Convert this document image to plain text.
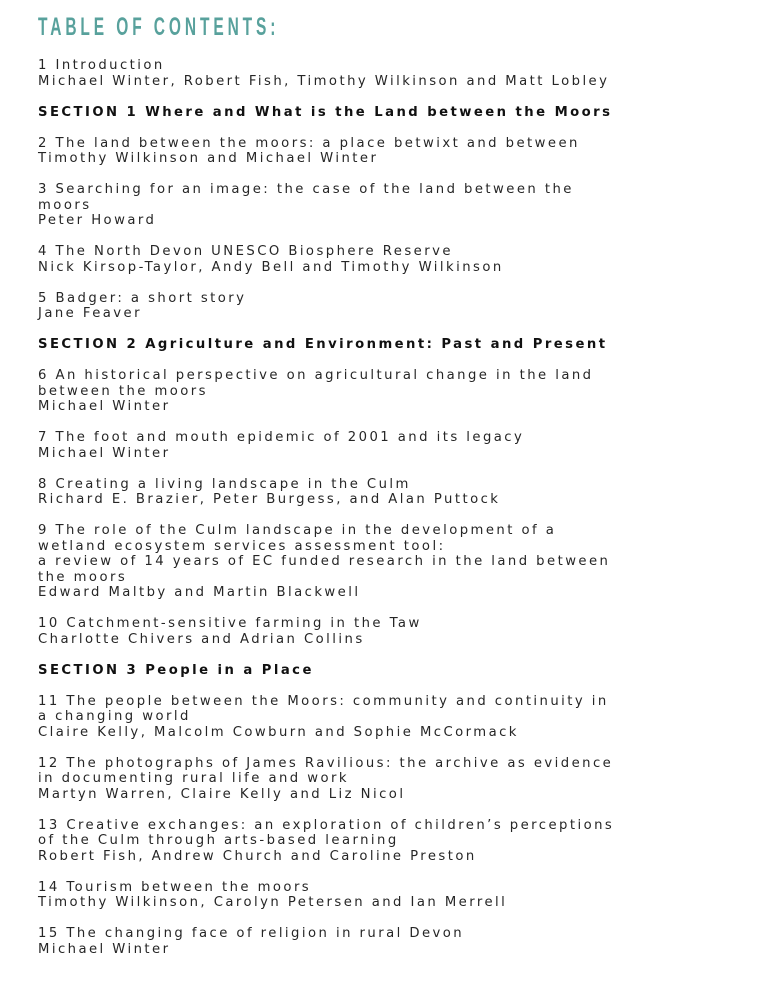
TABLE OF CONTENTS:
1 Introduction
Michael Winter, Robert Fish, Timothy Wilkinson and Matt Lobley
SECTION 1 Where and What is the Land between the Moors
2 The land between the moors: a place betwixt and between
Timothy Wilkinson and Michael Winter
3 Searching for an image: the case of the land between the
moors
Peter Howard
4 The North Devon UNESCO Biosphere Reserve
Nick Kirsop-Taylor, Andy Bell and Timothy Wilkinson
5 Badger: a short story
Jane Feaver
SECTION 2 Agriculture and Environment: Past and Present
6 An historical perspective on agricultural change in the land
between the moors
Michael Winter
7 The foot and mouth epidemic of 2001 and its legacy
Michael Winter
8 Creating a living landscape in the Culm
Richard E. Brazier, Peter Burgess, and Alan Puttock
9 The role of the Culm landscape in the development of a
wetland ecosystem services assessment tool:
a review of 14 years of EC funded research in the land between
the moors
Edward Maltby and Martin Blackwell
10 Catchment-sensitive farming in the Taw
Charlotte Chivers and Adrian Collins
SECTION 3 People in a Place
11 The people between the Moors: community and continuity in
a changing world
Claire Kelly, Malcolm Cowburn and Sophie McCormack
12 The photographs of James Ravilious: the archive as evidence
in documenting rural life and work
Martyn Warren, Claire Kelly and Liz Nicol
13 Creative exchanges: an exploration of children’s perceptions
of the Culm through arts-based learning
Robert Fish, Andrew Church and Caroline Preston
14 Tourism between the moors
Timothy Wilkinson, Carolyn Petersen and Ian Merrell
15 The changing face of religion in rural Devon
Michael Winter
